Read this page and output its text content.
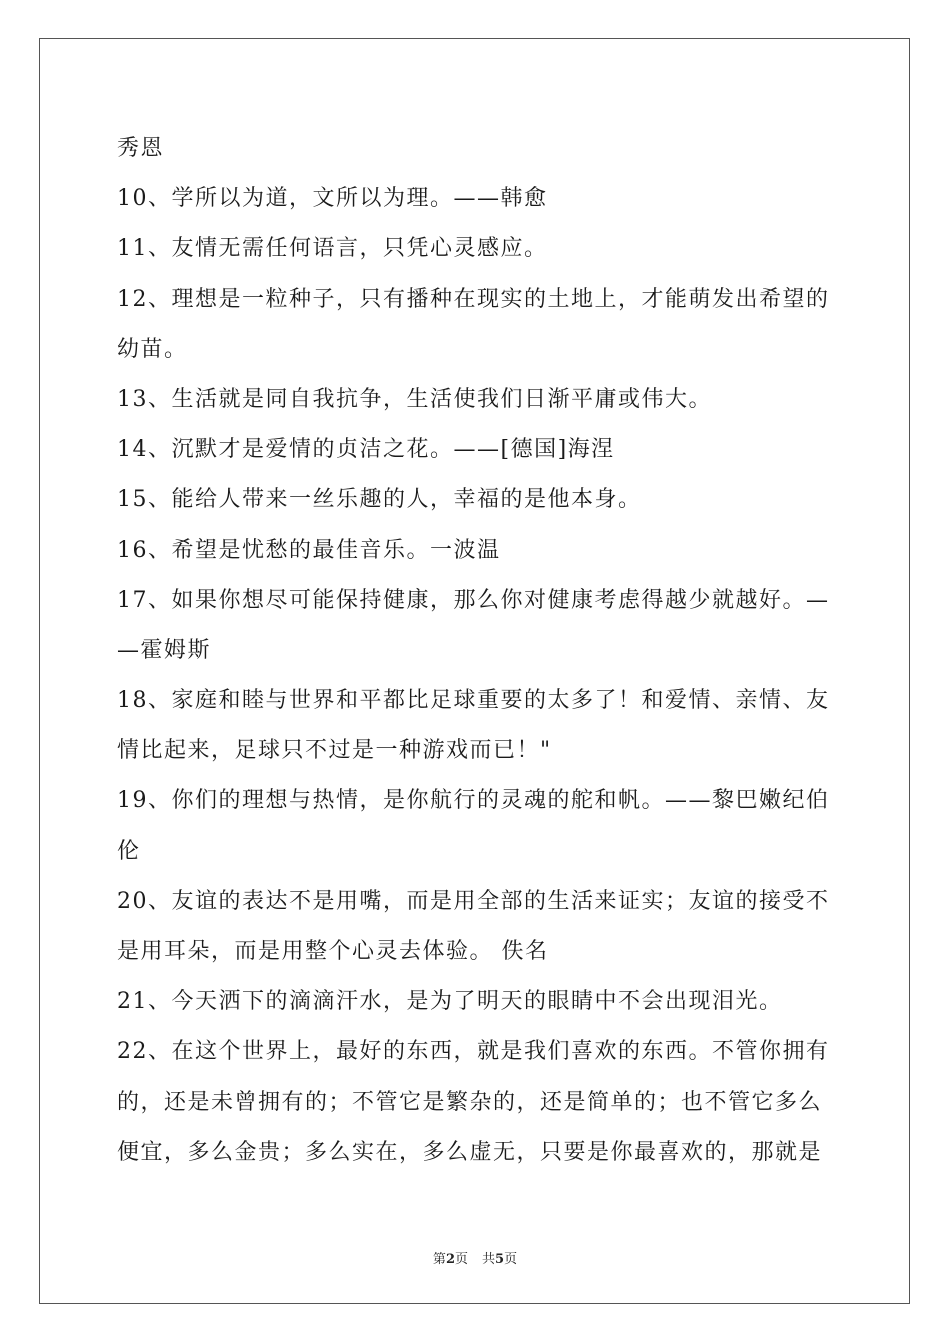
秀恩
10、学所以为道，文所以为理。——韩愈
11、友情无需任何语言，只凭心灵感应。
12、理想是一粒种子，只有播种在现实的土地上，才能萌发出希望的
幼苗。
13、生活就是同自我抗争，生活使我们日渐平庸或伟大。
14、沉默才是爱情的贞洁之花。——[德国]海涅
15、能给人带来一丝乐趣的人，幸福的是他本身。
16、希望是忧愁的最佳音乐。一波温
17、如果你想尽可能保持健康，那么你对健康考虑得越少就越好。—
—霍姆斯
18、家庭和睦与世界和平都比足球重要的太多了！和爱情、亲情、友
情比起来，足球只不过是一种游戏而已！"
19、你们的理想与热情，是你航行的灵魂的舵和帆。——黎巴嫩纪伯
伦
20、友谊的表达不是用嘴，而是用全部的生活来证实；友谊的接受不
是用耳朵，而是用整个心灵去体验。 佚名
21、今天洒下的滴滴汗水，是为了明天的眼睛中不会出现泪光。
22、在这个世界上，最好的东西，就是我们喜欢的东西。不管你拥有
的，还是未曾拥有的；不管它是繁杂的，还是简单的；也不管它多么
便宜，多么金贵；多么实在，多么虚无，只要是你最喜欢的，那就是
第2页 共5页
